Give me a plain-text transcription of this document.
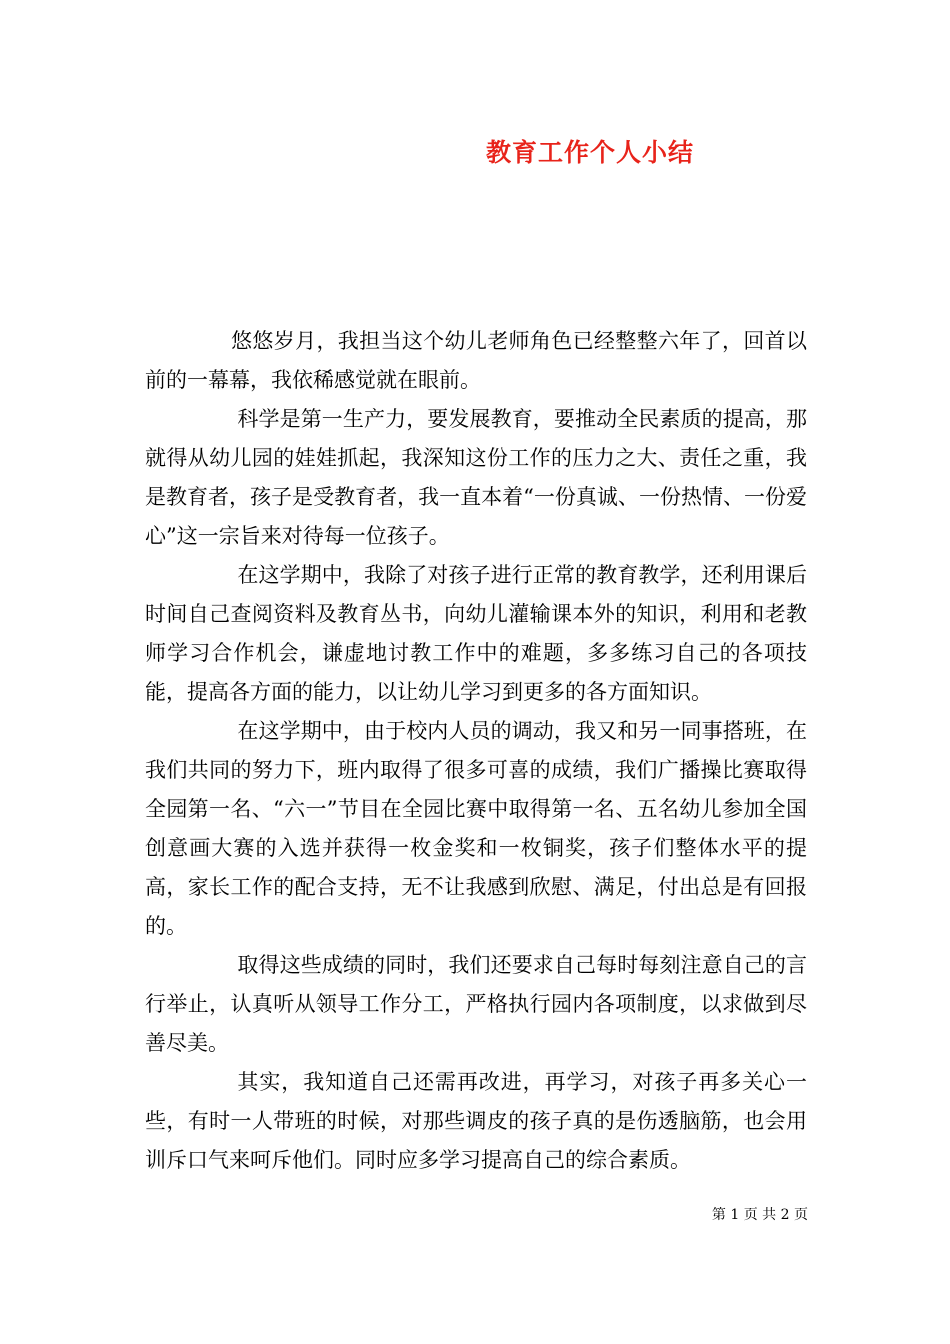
教育工作个人小结

悠悠岁月，我担当这个幼儿老师角色已经整整六年了，回首以前的一幕幕，我依稀感觉就在眼前。

科学是第一生产力，要发展教育，要推动全民素质的提高，那就得从幼儿园的娃娃抓起，我深知这份工作的压力之大、责任之重，我是教育者，孩子是受教育者，我一直本着“一份真诚、一份热情、一份爱心”这一宗旨来对待每一位孩子。

在这学期中，我除了对孩子进行正常的教育教学，还利用课后时间自己查阅资料及教育丛书，向幼儿灌输课本外的知识，利用和老教师学习合作机会，谦虚地讨教工作中的难题，多多练习自己的各项技能，提高各方面的能力，以让幼儿学习到更多的各方面知识。

在这学期中，由于校内人员的调动，我又和另一同事搭班，在我们共同的努力下，班内取得了很多可喜的成绩，我们广播操比赛取得全园第一名、“六一”节目在全园比赛中取得第一名、五名幼儿参加全国创意画大赛的入选并获得一枚金奖和一枚铜奖，孩子们整体水平的提高，家长工作的配合支持，无不让我感到欣慰、满足，付出总是有回报的。

取得这些成绩的同时，我们还要求自己每时每刻注意自己的言行举止，认真听从领导工作分工，严格执行园内各项制度，以求做到尽善尽美。

其实，我知道自己还需再改进，再学习，对孩子再多关心一些，有时一人带班的时候，对那些调皮的孩子真的是伤透脑筋，也会用训斥口气来呵斥他们。同时应多学习提高自己的综合素质。

第 1 页 共 2 页
